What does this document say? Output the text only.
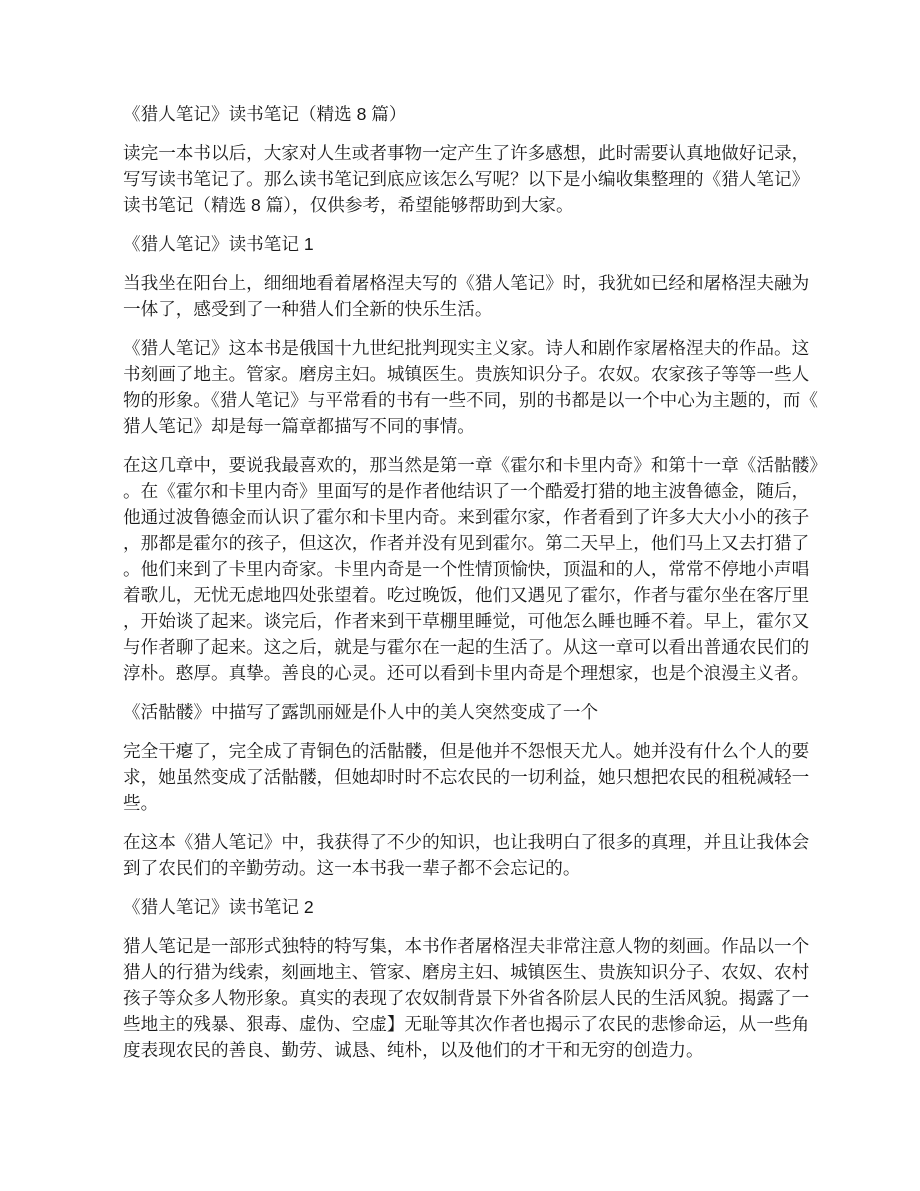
《猎人笔记》读书笔记（精选 8 篇）

读完一本书以后，大家对人生或者事物一定产生了许多感想，此时需要认真地做好记录，写写读书笔记了。那么读书笔记到底应该怎么写呢？以下是小编收集整理的《猎人笔记》读书笔记（精选 8 篇），仅供参考，希望能够帮助到大家。

《猎人笔记》读书笔记 1

当我坐在阳台上，细细地看着屠格涅夫写的《猎人笔记》时，我犹如已经和屠格涅夫融为一体了，感受到了一种猎人们全新的快乐生活。

《猎人笔记》这本书是俄国十九世纪批判现实主义家。诗人和剧作家屠格涅夫的作品。这书刻画了地主。管家。磨房主妇。城镇医生。贵族知识分子。农奴。农家孩子等等一些人物的形象。《猎人笔记》与平常看的书有一些不同，别的书都是以一个中心为主题的，而《猎人笔记》却是每一篇章都描写不同的事情。

在这几章中，要说我最喜欢的，那当然是第一章《霍尔和卡里内奇》和第十一章《活骷髅》。在《霍尔和卡里内奇》里面写的是作者他结识了一个酷爱打猎的地主波鲁德金，随后，他通过波鲁德金而认识了霍尔和卡里内奇。来到霍尔家，作者看到了许多大大小小的孩子，那都是霍尔的孩子，但这次，作者并没有见到霍尔。第二天早上，他们马上又去打猎了。他们来到了卡里内奇家。卡里内奇是一个性情顶愉快，顶温和的人，常常不停地小声唱着歌儿，无忧无虑地四处张望着。吃过晚饭，他们又遇见了霍尔，作者与霍尔坐在客厅里，开始谈了起来。谈完后，作者来到干草棚里睡觉，可他怎么睡也睡不着。早上，霍尔又与作者聊了起来。这之后，就是与霍尔在一起的生活了。从这一章可以看出普通农民们的淳朴。憨厚。真挚。善良的心灵。还可以看到卡里内奇是个理想家，也是个浪漫主义者。

《活骷髅》中描写了露凯丽娅是仆人中的美人突然变成了一个

完全干瘪了，完全成了青铜色的活骷髅，但是他并不怨恨天尤人。她并没有什么个人的要求，她虽然变成了活骷髅，但她却时时不忘农民的一切利益，她只想把农民的租税减轻一些。

在这本《猎人笔记》中，我获得了不少的知识，也让我明白了很多的真理，并且让我体会到了农民们的辛勤劳动。这一本书我一辈子都不会忘记的。

《猎人笔记》读书笔记 2

猎人笔记是一部形式独特的特写集，本书作者屠格涅夫非常注意人物的刻画。作品以一个猎人的行猎为线索，刻画地主、管家、磨房主妇、城镇医生、贵族知识分子、农奴、农村孩子等众多人物形象。真实的表现了农奴制背景下外省各阶层人民的生活风貌。揭露了一些地主的残暴、狠毒、虚伪、空虚】无耻等其次作者也揭示了农民的悲惨命运，从一些角度表现农民的善良、勤劳、诚恳、纯朴，以及他们的才干和无穷的创造力。
